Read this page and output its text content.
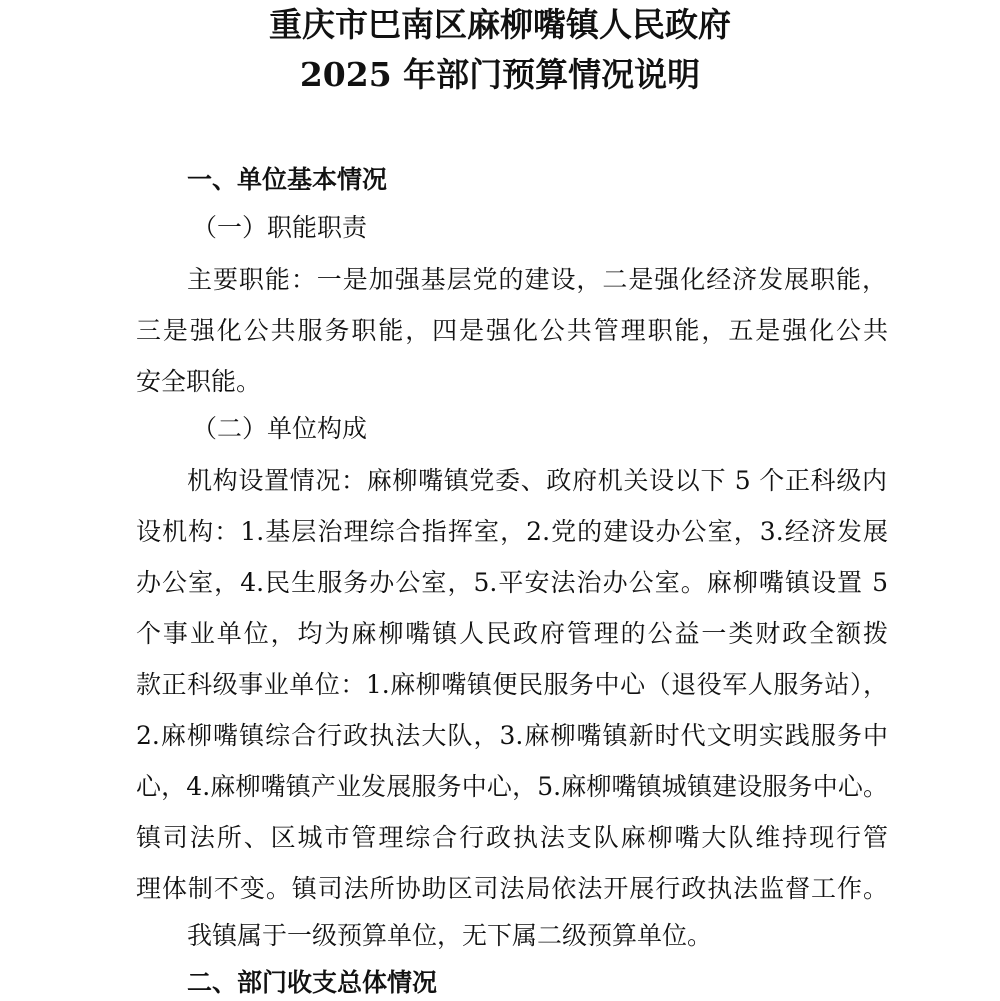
重庆市巴南区麻柳嘴镇人民政府
2025 年部门预算情况说明
一、单位基本情况
（一）职能职责
主要职能：一是加强基层党的建设，二是强化经济发展职能，
三是强化公共服务职能，四是强化公共管理职能，五是强化公共
安全职能。
（二）单位构成
机构设置情况：麻柳嘴镇党委、政府机关设以下 5 个正科级内
设机构：1.基层治理综合指挥室，2.党的建设办公室，3.经济发展
办公室，4.民生服务办公室，5.平安法治办公室。麻柳嘴镇设置 5
个事业单位，均为麻柳嘴镇人民政府管理的公益一类财政全额拨
款正科级事业单位：1.麻柳嘴镇便民服务中心（退役军人服务站），
2.麻柳嘴镇综合行政执法大队，3.麻柳嘴镇新时代文明实践服务中
心，4.麻柳嘴镇产业发展服务中心，5.麻柳嘴镇城镇建设服务中心。
镇司法所、区城市管理综合行政执法支队麻柳嘴大队维持现行管
理体制不变。镇司法所协助区司法局依法开展行政执法监督工作。
我镇属于一级预算单位，无下属二级预算单位。
二、部门收支总体情况
